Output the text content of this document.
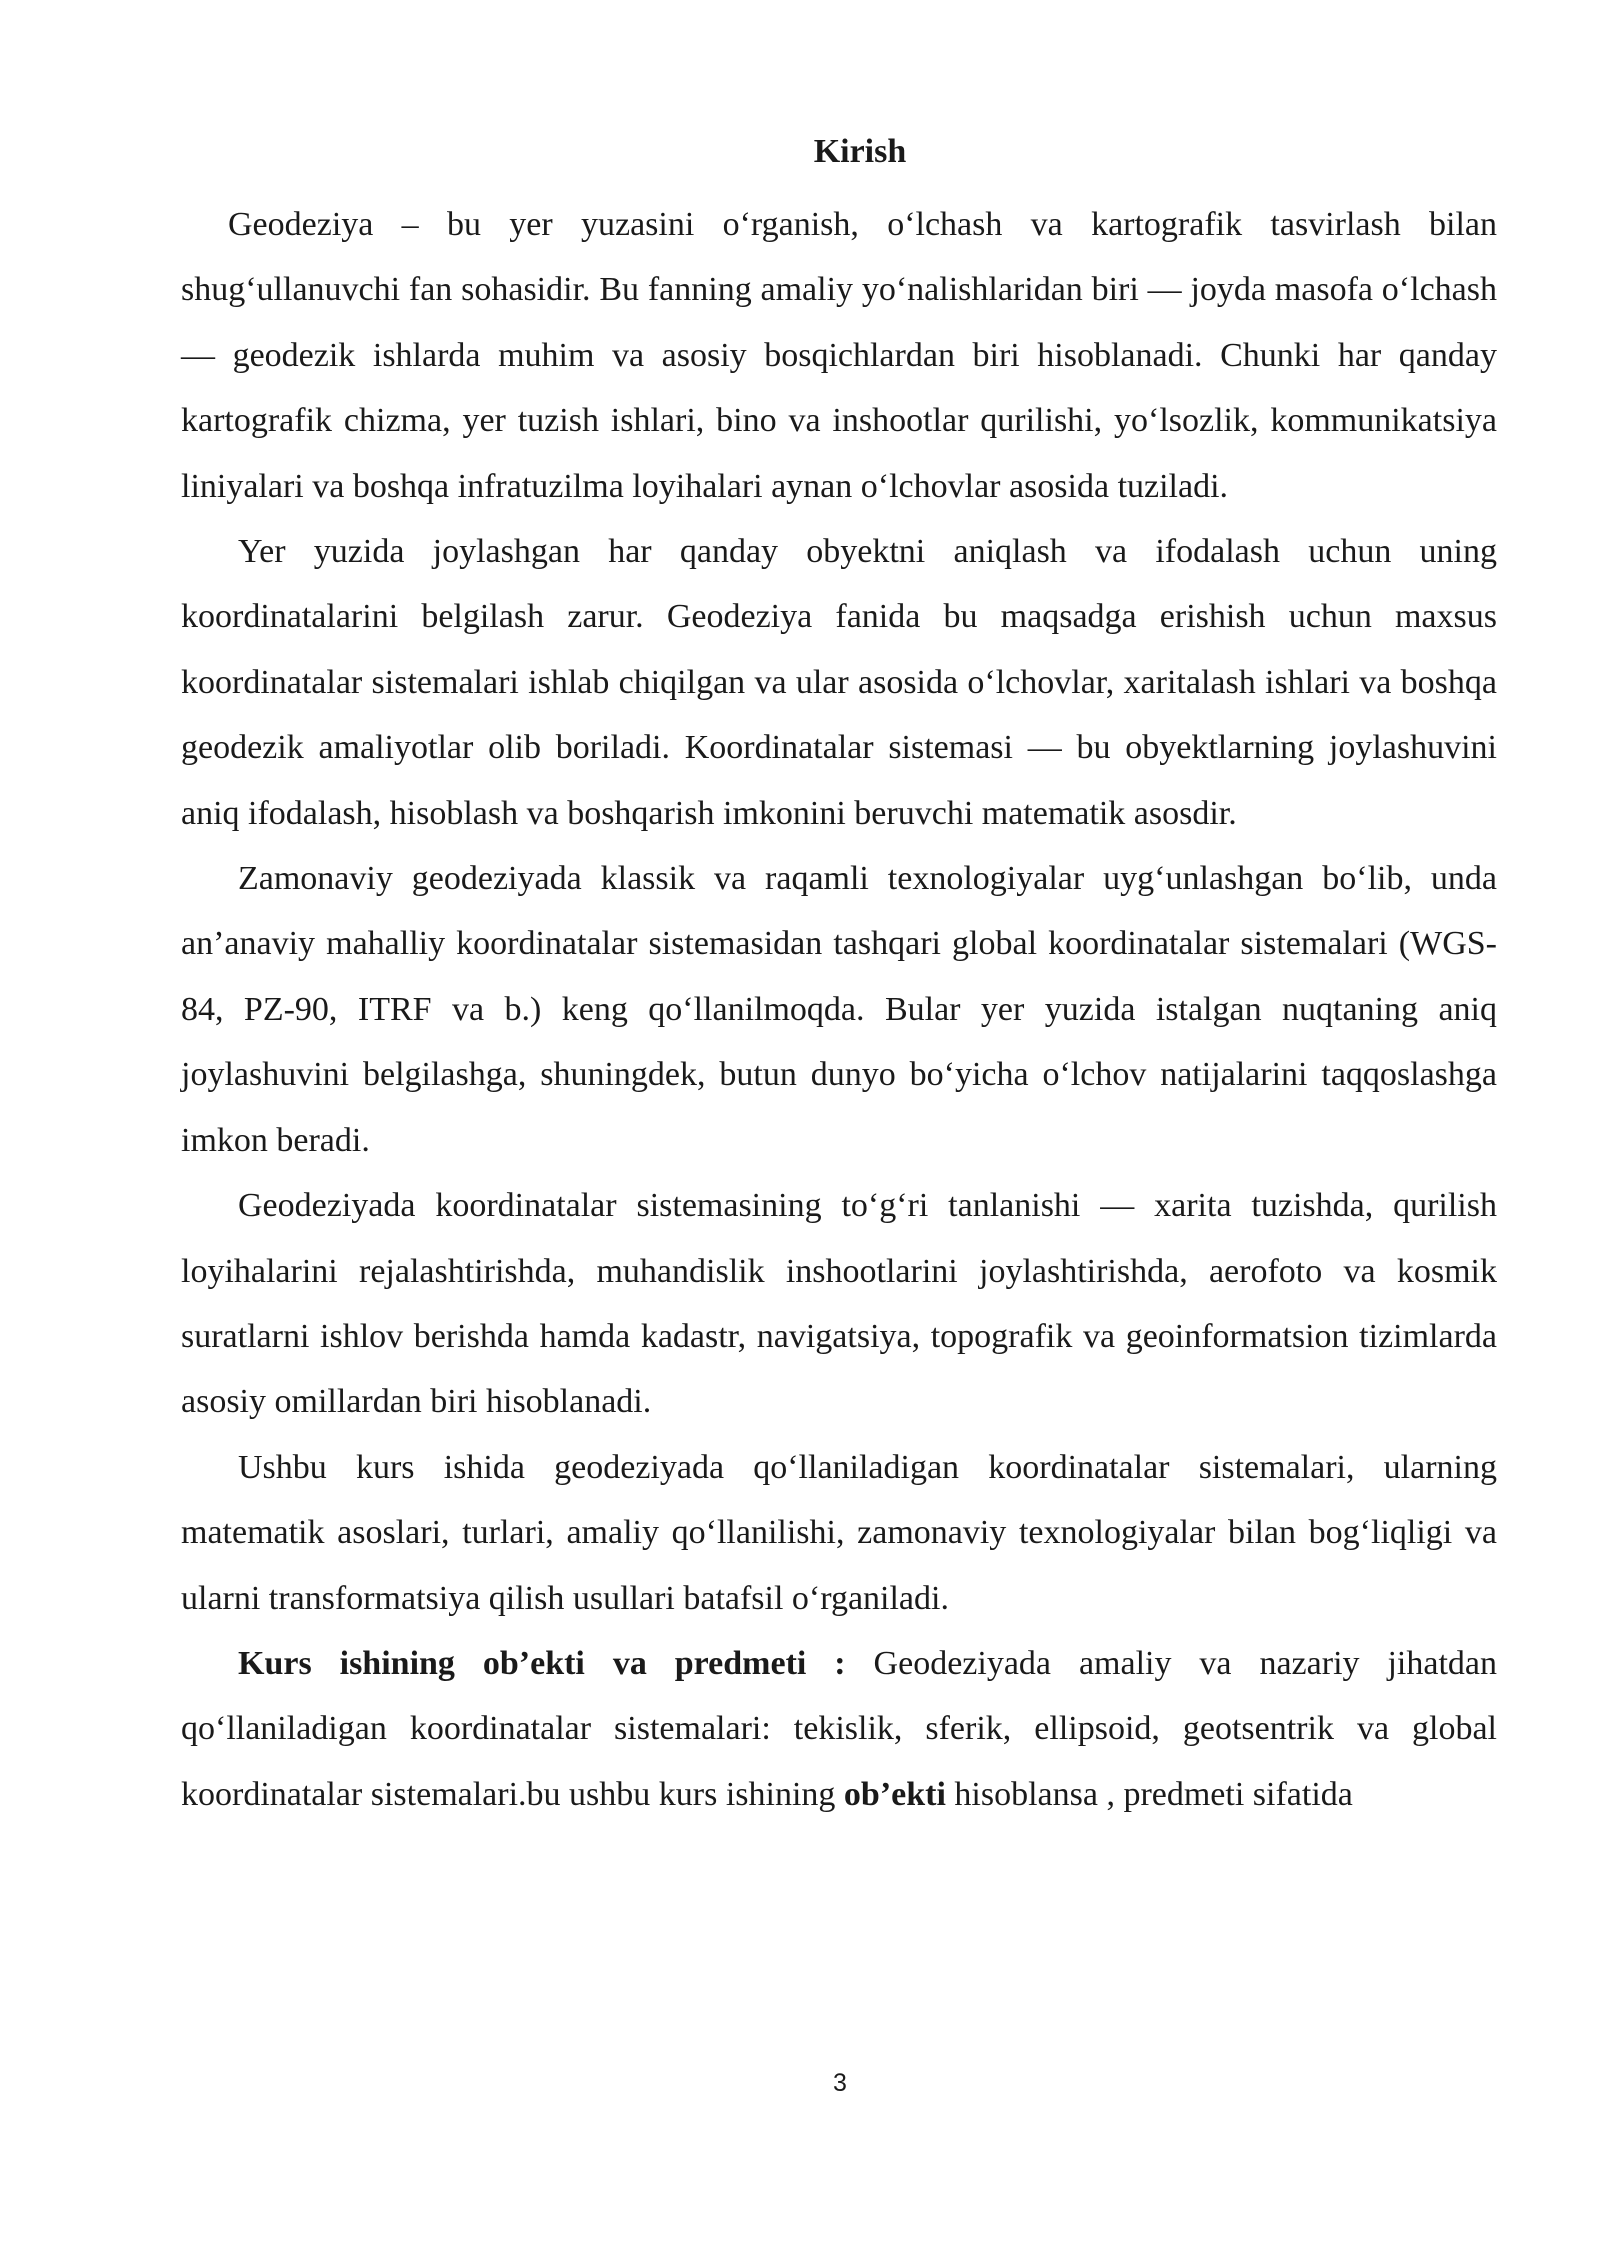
Kirish

Geodeziya – bu yer yuzasini oʻrganish, oʻlchash va kartografik tasvirlash bilan shugʻullanuvchi fan sohasidir. Bu fanning amaliy yoʻnalishlaridan biri — joyda masofa oʻlchash — geodezik ishlarda muhim va asosiy bosqichlardan biri hisoblanadi. Chunki har qanday kartografik chizma, yer tuzish ishlari, bino va inshootlar qurilishi, yoʻlsozlik, kommunikatsiya liniyalari va boshqa infratuzilma loyihalari aynan oʻlchovlar asosida tuziladi.

Yer yuzida joylashgan har qanday obyektni aniqlash va ifodalash uchun uning koordinatalarini belgilash zarur. Geodeziya fanida bu maqsadga erishish uchun maxsus koordinatalar sistemalari ishlab chiqilgan va ular asosida oʻlchovlar, xaritalash ishlari va boshqa geodezik amaliyotlar olib boriladi. Koordinatalar sistemasi — bu obyektlarning joylashuvini aniq ifodalash, hisoblash va boshqarish imkonini beruvchi matematik asosdir.

Zamonaviy geodeziyada klassik va raqamli texnologiyalar uygʻunlashgan boʻlib, unda an’anaviy mahalliy koordinatalar sistemasidan tashqari global koordinatalar sistemalari (WGS-84, PZ-90, ITRF va b.) keng qoʻllanilmoqda. Bular yer yuzida istalgan nuqtaning aniq joylashuvini belgilashga, shuningdek, butun dunyo boʻyicha oʻlchov natijalarini taqqoslashga imkon beradi.

Geodeziyada koordinatalar sistemasining toʻgʻri tanlanishi — xarita tuzishda, qurilish loyihalarini rejalashtirishda, muhandislik inshootlarini joylashtirishda, aerofoto va kosmik suratlarni ishlov berishda hamda kadastr, navigatsiya, topografik va geoinformatsion tizimlarda asosiy omillardan biri hisoblanadi.

Ushbu kurs ishida geodeziyada qoʻllaniladigan koordinatalar sistemalari, ularning matematik asoslari, turlari, amaliy qoʻllanilishi, zamonaviy texnologiyalar bilan bogʻliqligi va ularni transformatsiya qilish usullari batafsil oʻrganiladi.

Kurs ishining ob’ekti va predmeti : Geodeziyada amaliy va nazariy jihatdan qoʻllaniladigan koordinatalar sistemalari: tekislik, sferik, ellipsoid, geotsentrik va global koordinatalar sistemalari.bu ushbu kurs ishining ob’ekti hisoblansa , predmeti sifatida

3
